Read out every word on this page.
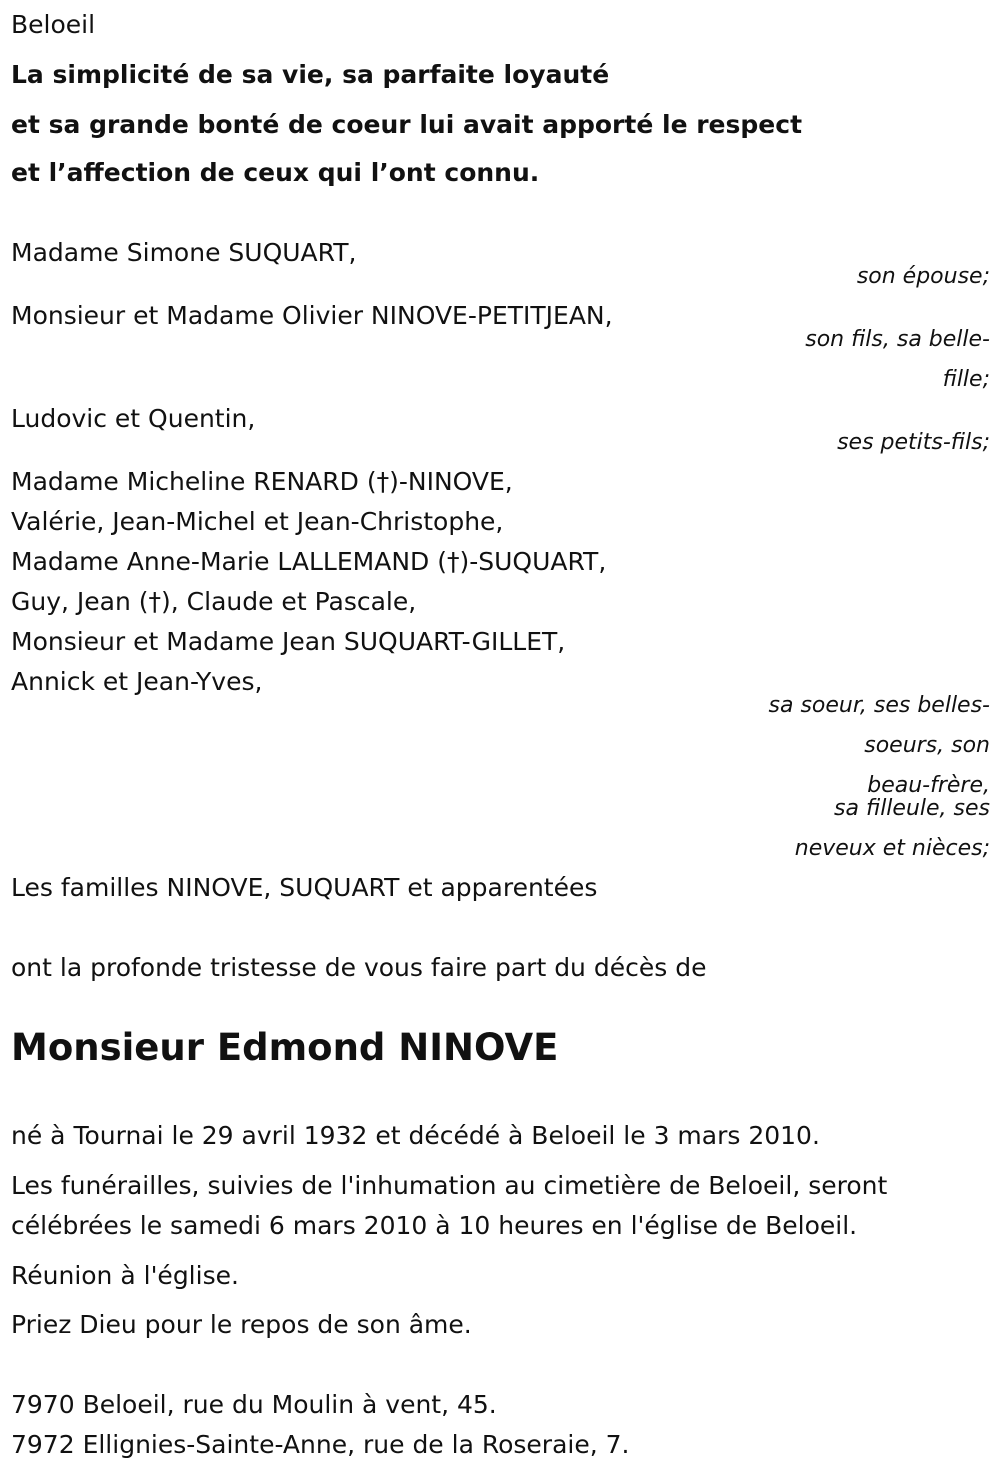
Beloeil
La simplicité de sa vie, sa parfaite loyauté
et sa grande bonté de coeur lui avait apporté le respect
et l’affection de ceux qui l’ont connu.
Madame Simone SUQUART,
son épouse;
Monsieur et Madame Olivier NINOVE-PETITJEAN,
son fils, sa belle-
fille;
Ludovic et Quentin,
ses petits-fils;
Madame Micheline RENARD (†)-NINOVE,
Valérie, Jean-Michel et Jean-Christophe,
Madame Anne-Marie LALLEMAND (†)-SUQUART,
Guy, Jean (†), Claude et Pascale,
Monsieur et Madame Jean SUQUART-GILLET,
Annick et Jean-Yves,
sa soeur, ses belles-
soeurs, son
beau-frère,
sa filleule, ses
neveux et nièces;
Les familles NINOVE, SUQUART et apparentées
ont la profonde tristesse de vous faire part du décès de
Monsieur Edmond NINOVE
né à Tournai le 29 avril 1932 et décédé à Beloeil le 3 mars 2010.
Les funérailles, suivies de l'inhumation au cimetière de Beloeil, seront
célébrées le samedi 6 mars 2010 à 10 heures en l'église de Beloeil.
Réunion à l'église.
Priez Dieu pour le repos de son âme.
7970 Beloeil, rue du Moulin à vent, 45.
7972 Ellignies-Sainte-Anne, rue de la Roseraie, 7.
